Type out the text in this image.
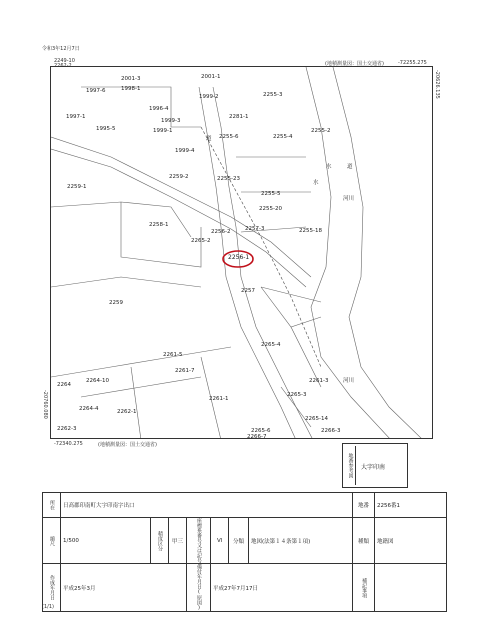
令和3年12月7日
2001-3
1998-1
1997-6
1996-4
1997-1
1999-3
1995-5	1999-1
1999-2
1999-4
2001-1
2255-3
2255-6	2255-4
2255-2
2259-1
2259-2	2255-23
2255-5
2255-20
2258-1
2255-18
2257-3
2256-2
2265-2
2256-1
2257
2259
2265-4
2261-5
2264-10
2261-7
2264
2261-1
2262-3
2262-1
2265-3
2264-4
2261-3
2265-14
2266-3
2265-6
2281-1
2266-7
道
水	道
水
河川
河川
2249-10
2262-2	(地積測量図：国土交通省)	-72255.275
-20626.135
-20760.080
-72340.275	(地積測量図：国土交通省)
地番参考図 大字印南
所在	日高郡印南町大字印南字出口							地番	2256番1

縮尺	1/500	精度区分	甲三	座標系番号又は記号	Ⅵ	分類	地図(法第１４条第１項)	種類	地籍図

作成年月日	平成25年3月			備付年月日(原図)	平成27年7月17日			補記事項	

(1/1)
